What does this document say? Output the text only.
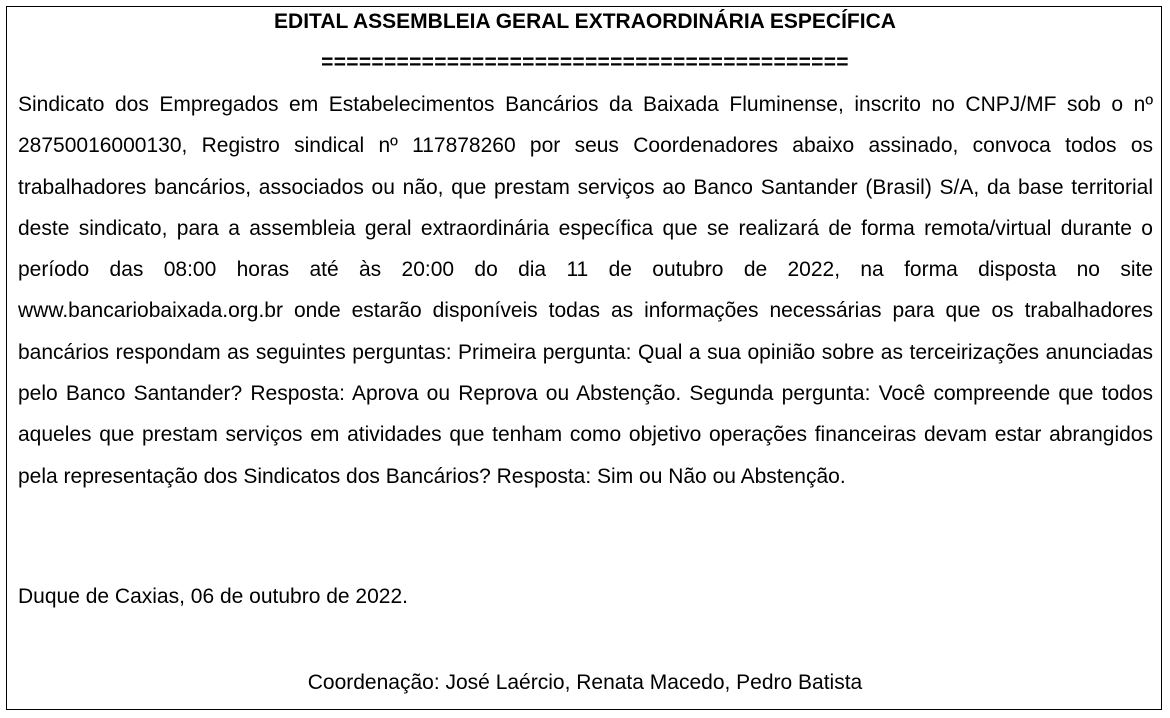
EDITAL ASSEMBLEIA GERAL EXTRAORDINÁRIA ESPECÍFICA
==========================================

Sindicato dos Empregados em Estabelecimentos Bancários da Baixada Fluminense, inscrito no CNPJ/MF sob o nº 28750016000130, Registro sindical nº 117878260 por seus Coordenadores abaixo assinado, convoca todos os trabalhadores bancários, associados ou não, que prestam serviços ao Banco Santander (Brasil) S/A, da base territorial deste sindicato, para a assembleia geral extraordinária específica que se realizará de forma remota/virtual durante o período das 08:00 horas até às 20:00 do dia 11 de outubro de 2022, na forma disposta no site www.bancariobaixada.org.br onde estarão disponíveis todas as informações necessárias para que os trabalhadores bancários respondam as seguintes perguntas: Primeira pergunta: Qual a sua opinião sobre as terceirizações anunciadas pelo Banco Santander? Resposta: Aprova ou Reprova ou Abstenção. Segunda pergunta: Você compreende que todos aqueles que prestam serviços em atividades que tenham como objetivo operações financeiras devam estar abrangidos pela representação dos Sindicatos dos Bancários? Resposta: Sim ou Não ou Abstenção.

Duque de Caxias, 06 de outubro de 2022.
Coordenação: José Laércio, Renata Macedo, Pedro Batista
